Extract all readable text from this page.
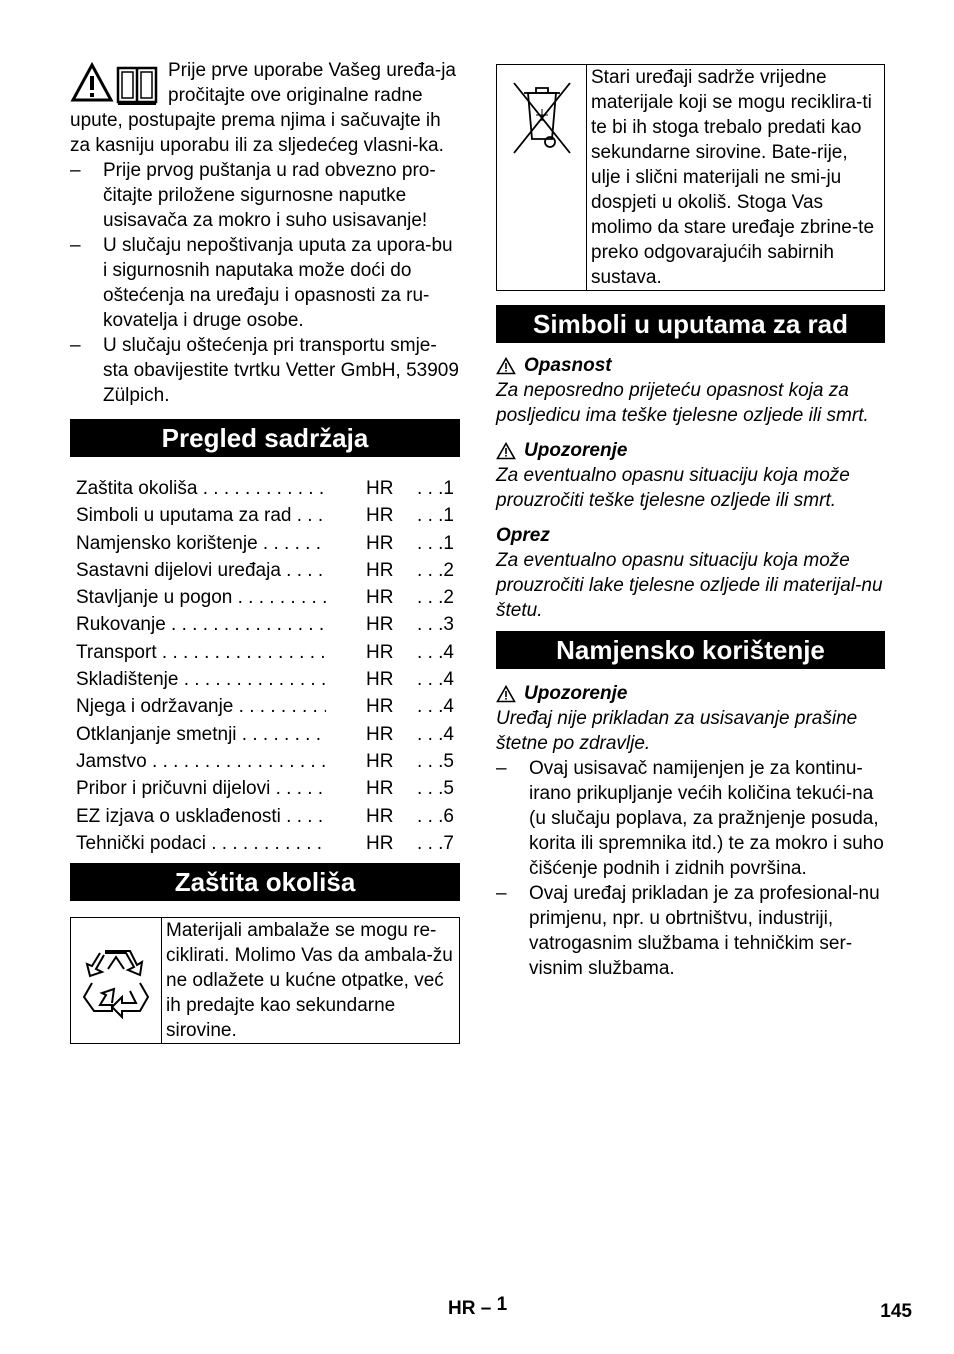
Prije prve uporabe Vašeg uređa-ja pročitajte ove originalne radne upute, postupajte prema njima i sačuvajte ih za kasniju uporabu ili za sljedećeg vlasni-ka.

– Prije prvog puštanja u rad obvezno pro-čitajte priložene sigurnosne naputke usisavača za mokro i suho usisavanje!
– U slučaju nepoštivanja uputa za upora-bu i sigurnosnih naputaka može doći do oštećenja na uređaju i opasnosti za ru-kovatelja i druge osobe.
– U slučaju oštećenja pri transportu smje-sta obavijestite tvrtku Vetter GmbH, 53909 Zülpich.
Pregled sadržaja
Zaštita okoliša . . .	HR	. . .1
Simboli u uputama za rad . . .	HR	. . .1
Namjensko korištenje . . .	HR	. . .1
Sastavni dijelovi uređaja . . .	HR	. . .2
Stavljanje u pogon . . .	HR	. . .2
Rukovanje . . .	HR	. . .3
Transport . . .	HR	. . .4
Skladištenje . . .	HR	. . .4
Njega i održavanje . . .	HR	. . .4
Otklanjanje smetnji . . .	HR	. . .4
Jamstvo . . .	HR	. . .5
Pribor i pričuvni dijelovi . . .	HR	. . .5
EZ izjava o usklađenosti . . .	HR	. . .6
Tehnički podaci . . .	HR	. . .7
Zaštita okoliša
Materijali ambalaže se mogu re-ciklirati. Molimo Vas da ambala-žu ne odlažete u kućne otpatke, već ih predajte kao sekundarne sirovine.
Stari uređaji sadrže vrijedne materijale koji se mogu reciklira-ti te bi ih stoga trebalo predati kao sekundarne sirovine. Bate-rije, ulje i slični materijali ne smi-ju dospjeti u okoliš. Stoga Vas molimo da stare uređaje zbrine-te preko odgovarajućih sabirnih sustava.
Simboli u uputama za rad
Opasnost

Za neposredno prijeteću opasnost koja za posljedicu ima teške tjelesne ozljede ili smrt.

Upozorenje

Za eventualno opasnu situaciju koja može prouzročiti teške tjelesne ozljede ili smrt.

Oprez

Za eventualno opasnu situaciju koja može prouzročiti lake tjelesne ozljede ili materijal-nu štetu.

Namjensko korištenje
Upozorenje

Uređaj nije prikladan za usisavanje prašine štetne po zdravlje.

– Ovaj usisavač namijenjen je za kontinu-irano prikupljanje većih količina tekući-na (u slučaju poplava, za pražnjenje posuda, korita ili spremnika itd.) te za mokro i suho čišćenje podnih i zidnih površina.
– Ovaj uređaj prikladan je za profesional-nu primjenu, npr. u obrtništvu, industriji, vatrogasnim službama i tehničkim ser-visnim službama.
HR – 1	145
